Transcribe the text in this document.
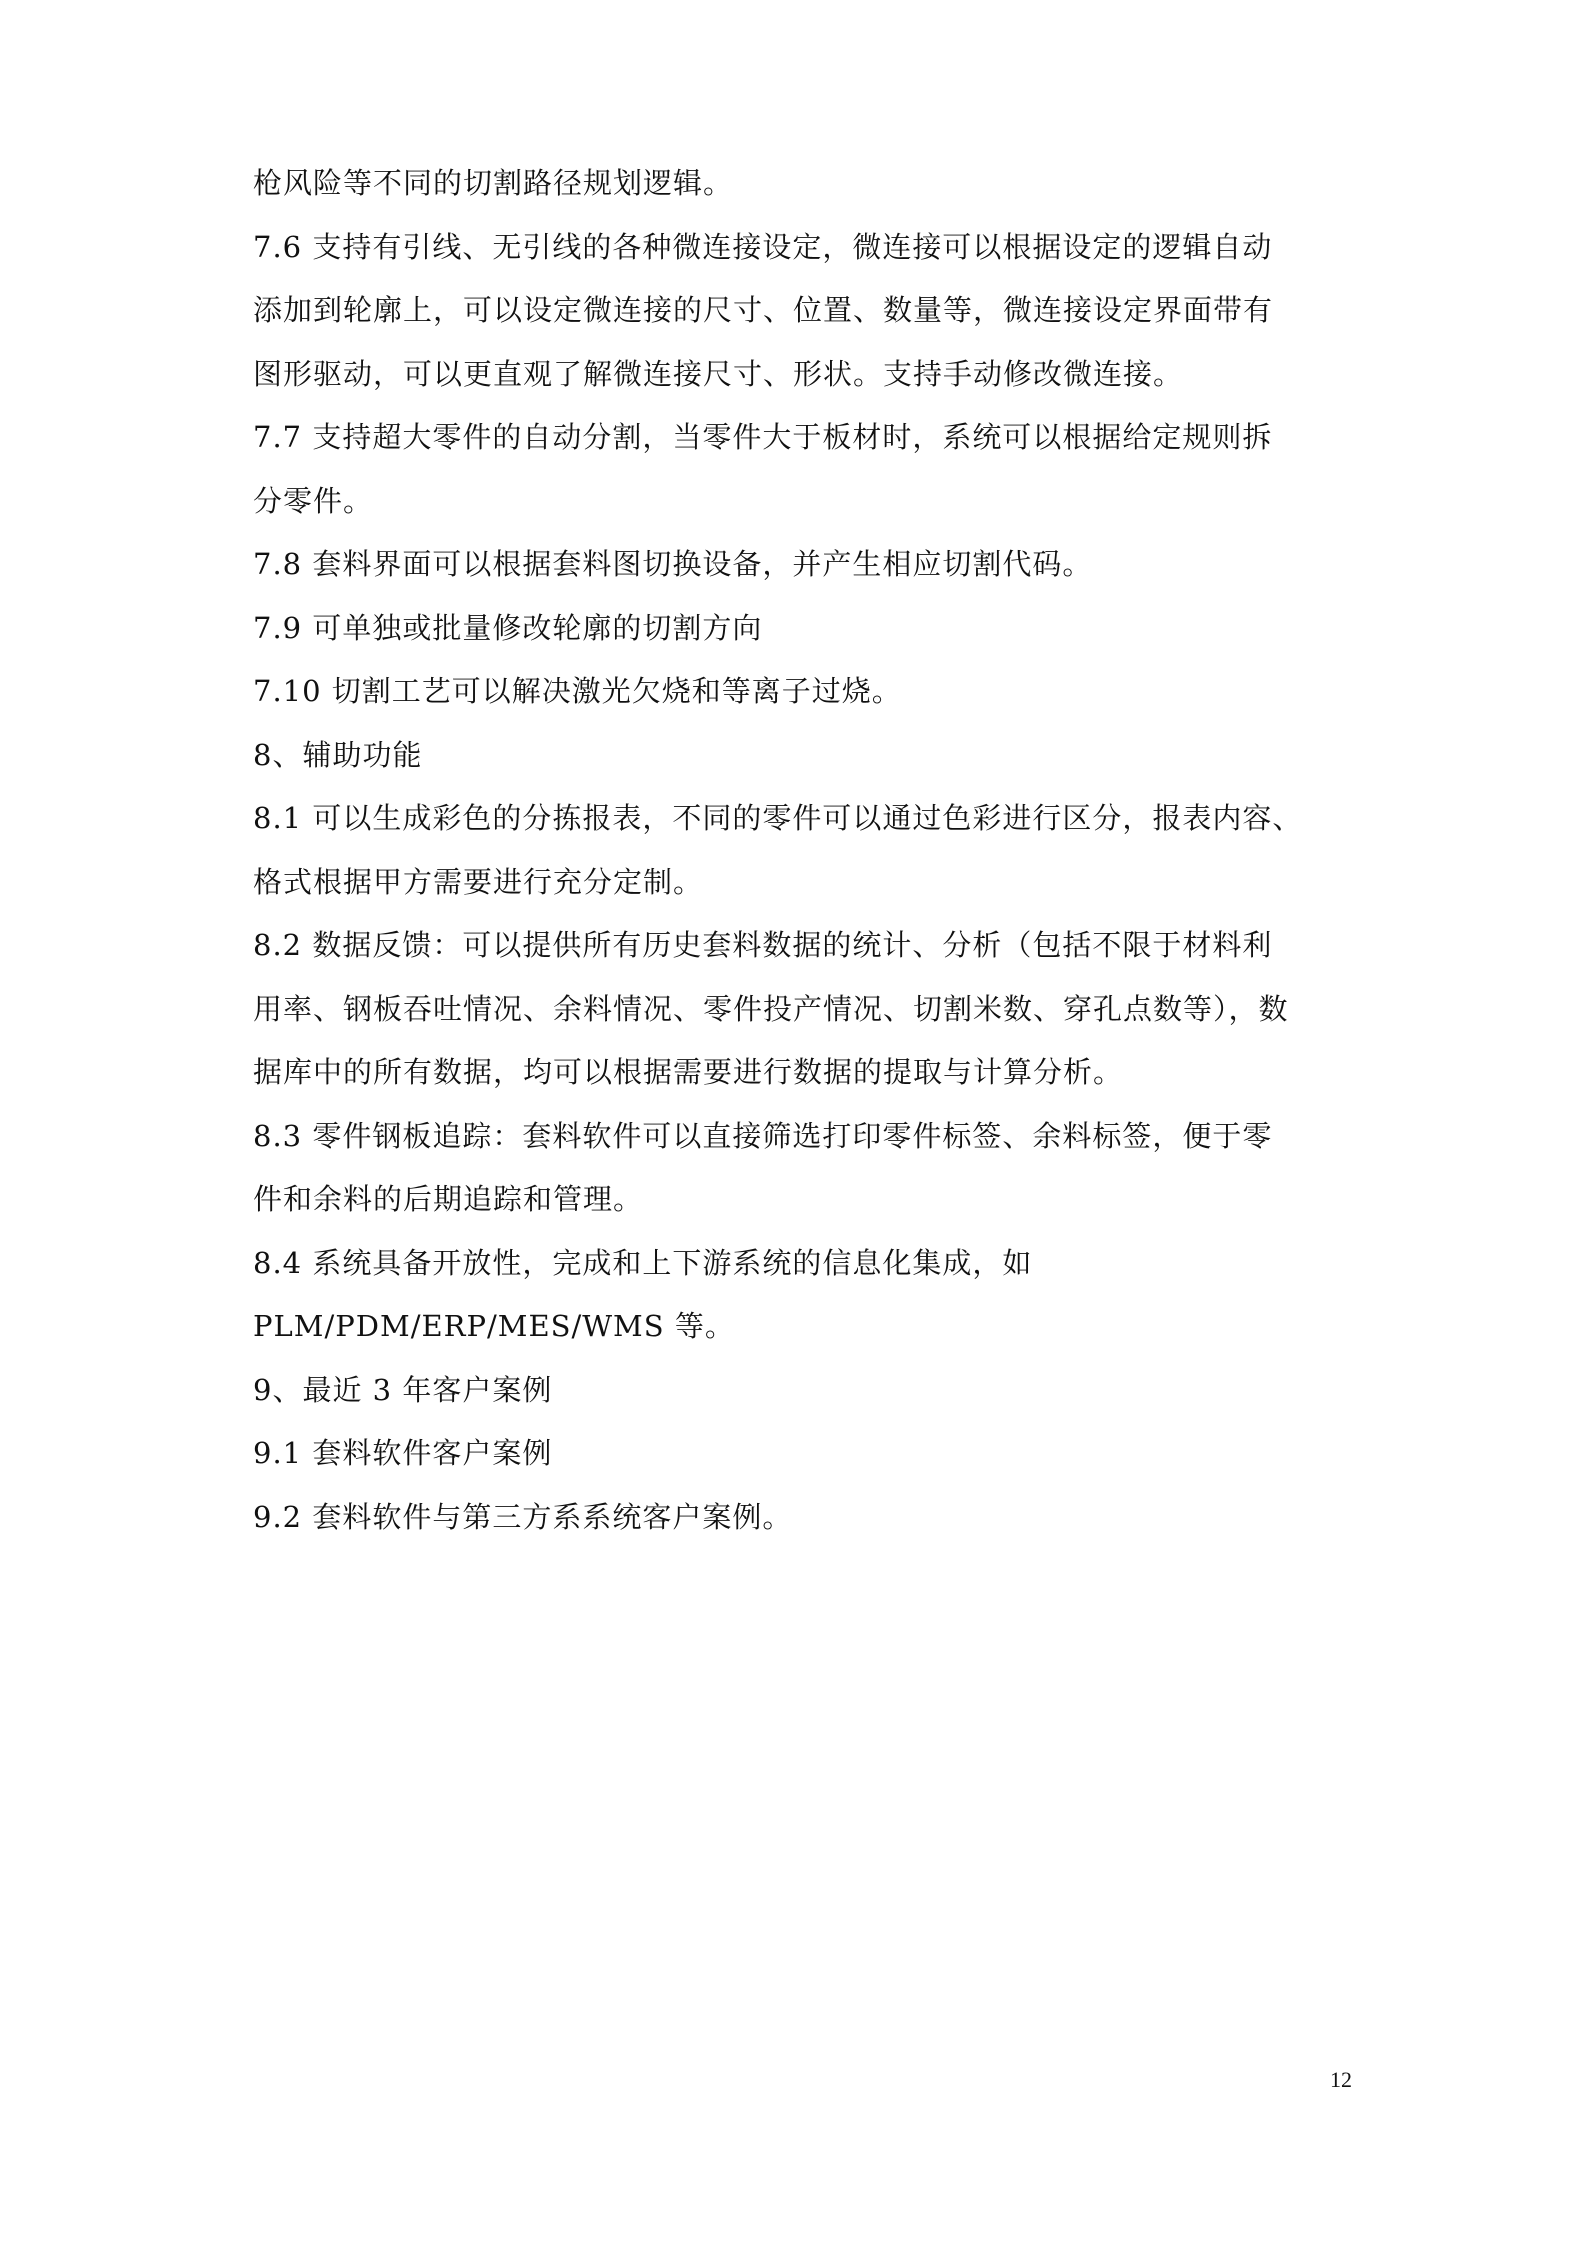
枪风险等不同的切割路径规划逻辑。
7.6 支持有引线、无引线的各种微连接设定，微连接可以根据设定的逻辑自动
添加到轮廓上，可以设定微连接的尺寸、位置、数量等，微连接设定界面带有
图形驱动，可以更直观了解微连接尺寸、形状。支持手动修改微连接。
7.7 支持超大零件的自动分割，当零件大于板材时，系统可以根据给定规则拆
分零件。
7.8 套料界面可以根据套料图切换设备，并产生相应切割代码。
7.9 可单独或批量修改轮廓的切割方向
7.10 切割工艺可以解决激光欠烧和等离子过烧。
8、辅助功能
8.1 可以生成彩色的分拣报表，不同的零件可以通过色彩进行区分，报表内容、
格式根据甲方需要进行充分定制。
8.2 数据反馈：可以提供所有历史套料数据的统计、分析（包括不限于材料利
用率、钢板吞吐情况、余料情况、零件投产情况、切割米数、穿孔点数等），数
据库中的所有数据，均可以根据需要进行数据的提取与计算分析。
8.3 零件钢板追踪：套料软件可以直接筛选打印零件标签、余料标签，便于零
件和余料的后期追踪和管理。
8.4 系统具备开放性，完成和上下游系统的信息化集成，如
PLM/PDM/ERP/MES/WMS 等。
9、最近 3 年客户案例
9.1 套料软件客户案例
9.2 套料软件与第三方系系统客户案例。
12
